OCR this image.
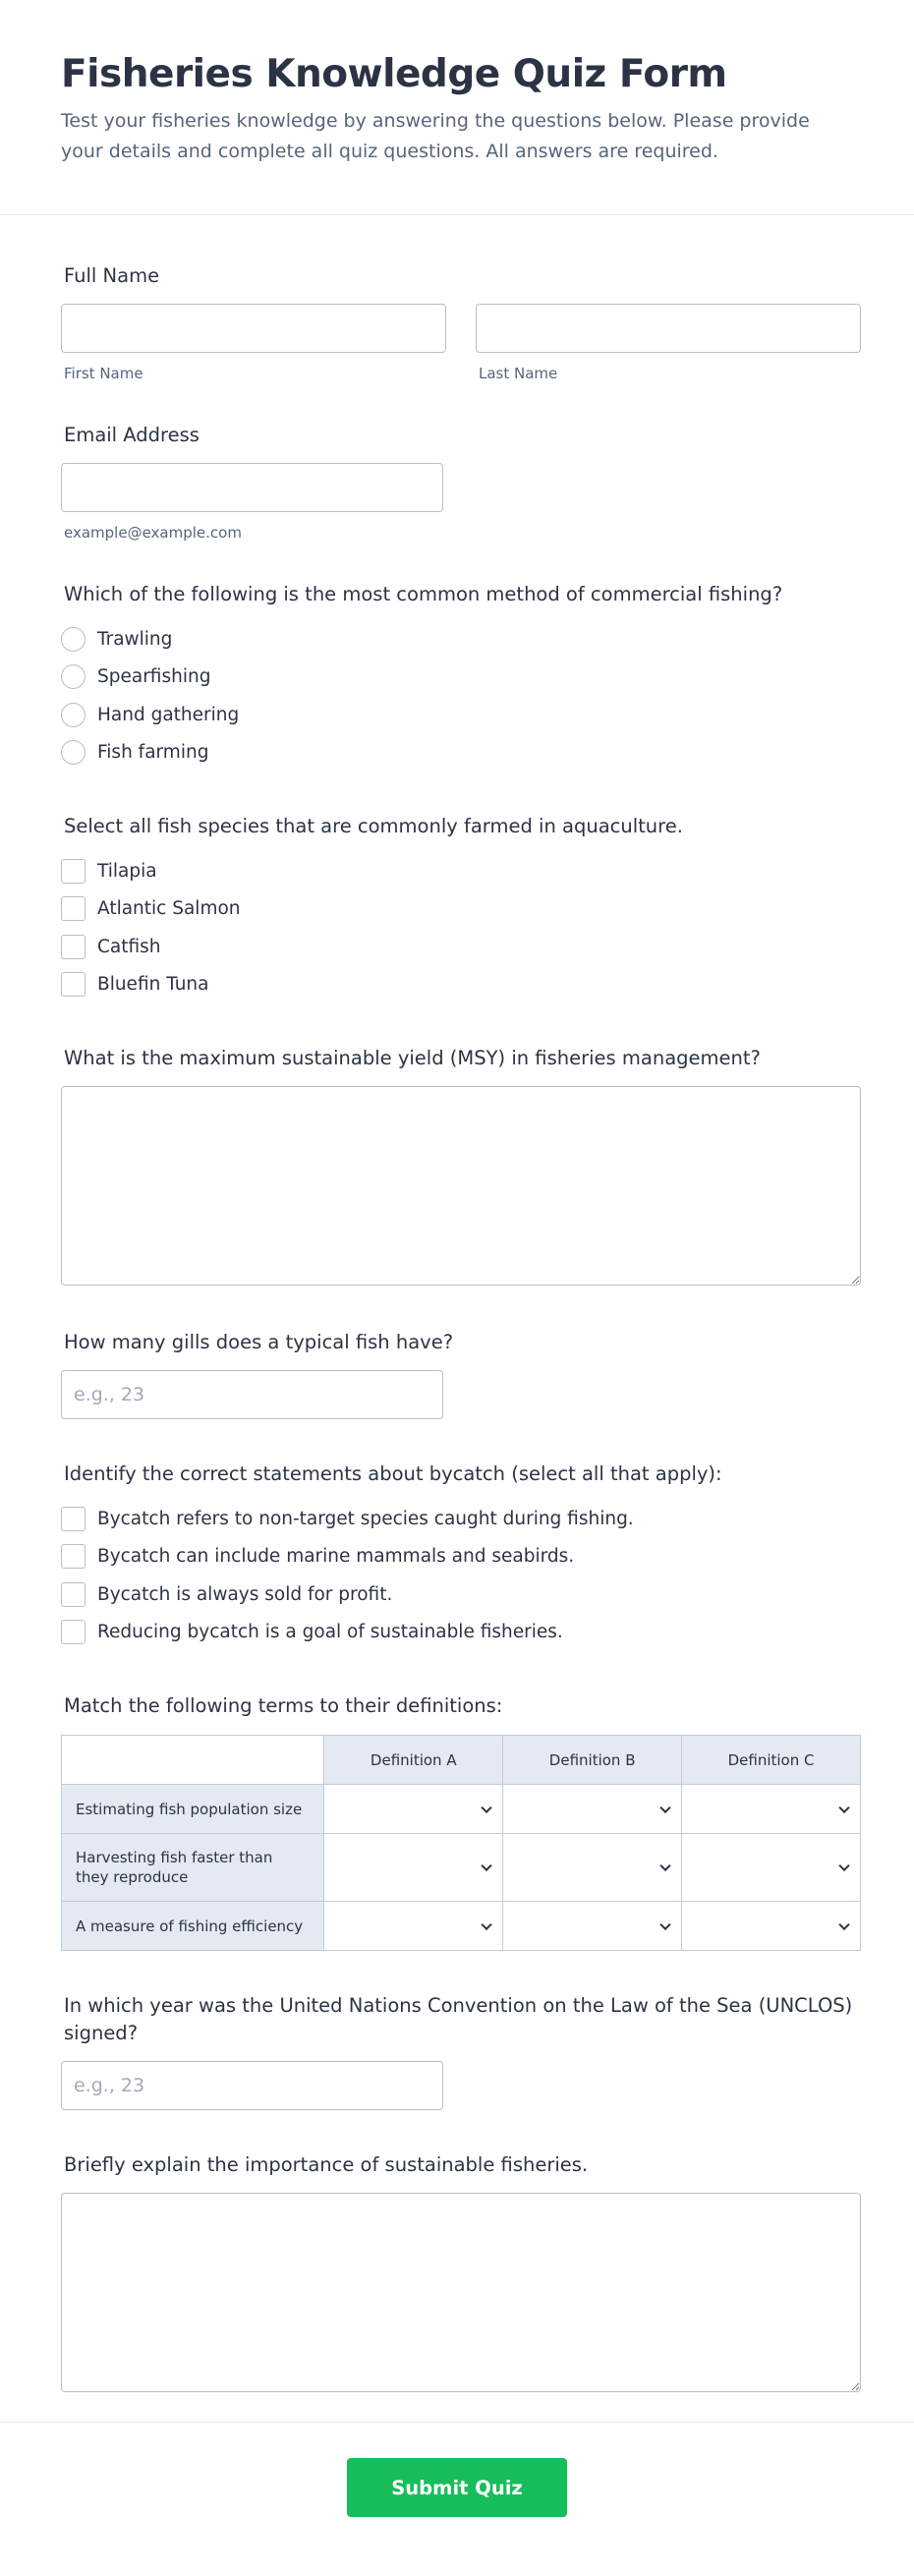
Fisheries Knowledge Quiz Form

Test your fisheries knowledge by answering the questions below. Please provide your details and complete all quiz questions. All answers are required.

Full Name
First Name	Last Name
Email Address
example@example.com
Which of the following is the most common method of commercial fishing?
Trawling
Spearfishing
Hand gathering
Fish farming
Select all fish species that are commonly farmed in aquaculture.
Tilapia
Atlantic Salmon
Catfish
Bluefin Tuna
What is the maximum sustainable yield (MSY) in fisheries management?
How many gills does a typical fish have?
e.g., 23
Identify the correct statements about bycatch (select all that apply):
Bycatch refers to non-target species caught during fishing.
Bycatch can include marine mammals and seabirds.
Bycatch is always sold for profit.
Reducing bycatch is a goal of sustainable fisheries.
Match the following terms to their definitions:
	Definition A	Definition B	Definition C
Estimating fish population size	

Harvesting fish faster than they reproduce	

A measure of fishing efficiency	

In which year was the United Nations Convention on the Law of the Sea (UNCLOS) signed?
e.g., 23
Briefly explain the importance of sustainable fisheries.
Submit Quiz
